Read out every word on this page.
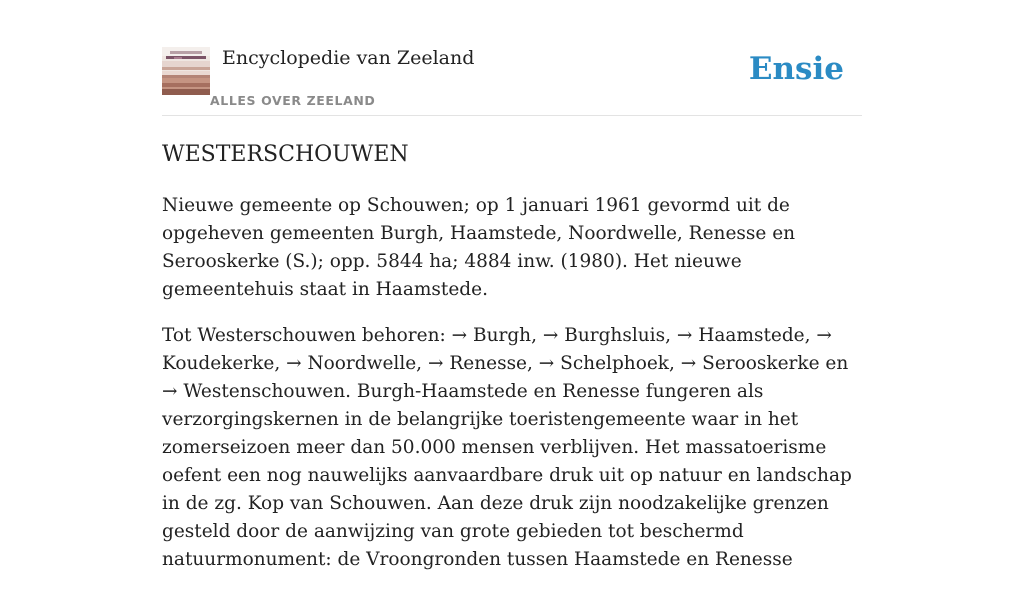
Encyclopedie van Zeeland
ALLES OVER ZEELAND
Ensie
WESTERSCHOUWEN

Nieuwe gemeente op Schouwen; op 1 januari 1961 gevormd uit de opgeheven gemeenten Burgh, Haamstede, Noordwelle, Renesse en Serooskerke (S.); opp. 5844 ha; 4884 inw. (1980). Het nieuwe gemeentehuis staat in Haamstede.

Tot Westerschouwen behoren: → Burgh, → Burghsluis, → Haamstede, → Koudekerke, → Noordwelle, → Renesse, → Schelphoek, → Serooskerke en → Westenschouwen. Burgh-Haamstede en Renesse fungeren als verzorgingskernen in de belangrijke toeristengemeente waar in het zomerseizoen meer dan 50.000 mensen verblijven. Het massatoerisme oefent een nog nauwelijks aanvaardbare druk uit op natuur en landschap in de zg. Kop van Schouwen. Aan deze druk zijn noodzakelijke grenzen gesteld door de aanwijzing van grote gebieden tot beschermd natuurmonument: de Vroongronden tussen Haamstede en Renesse
